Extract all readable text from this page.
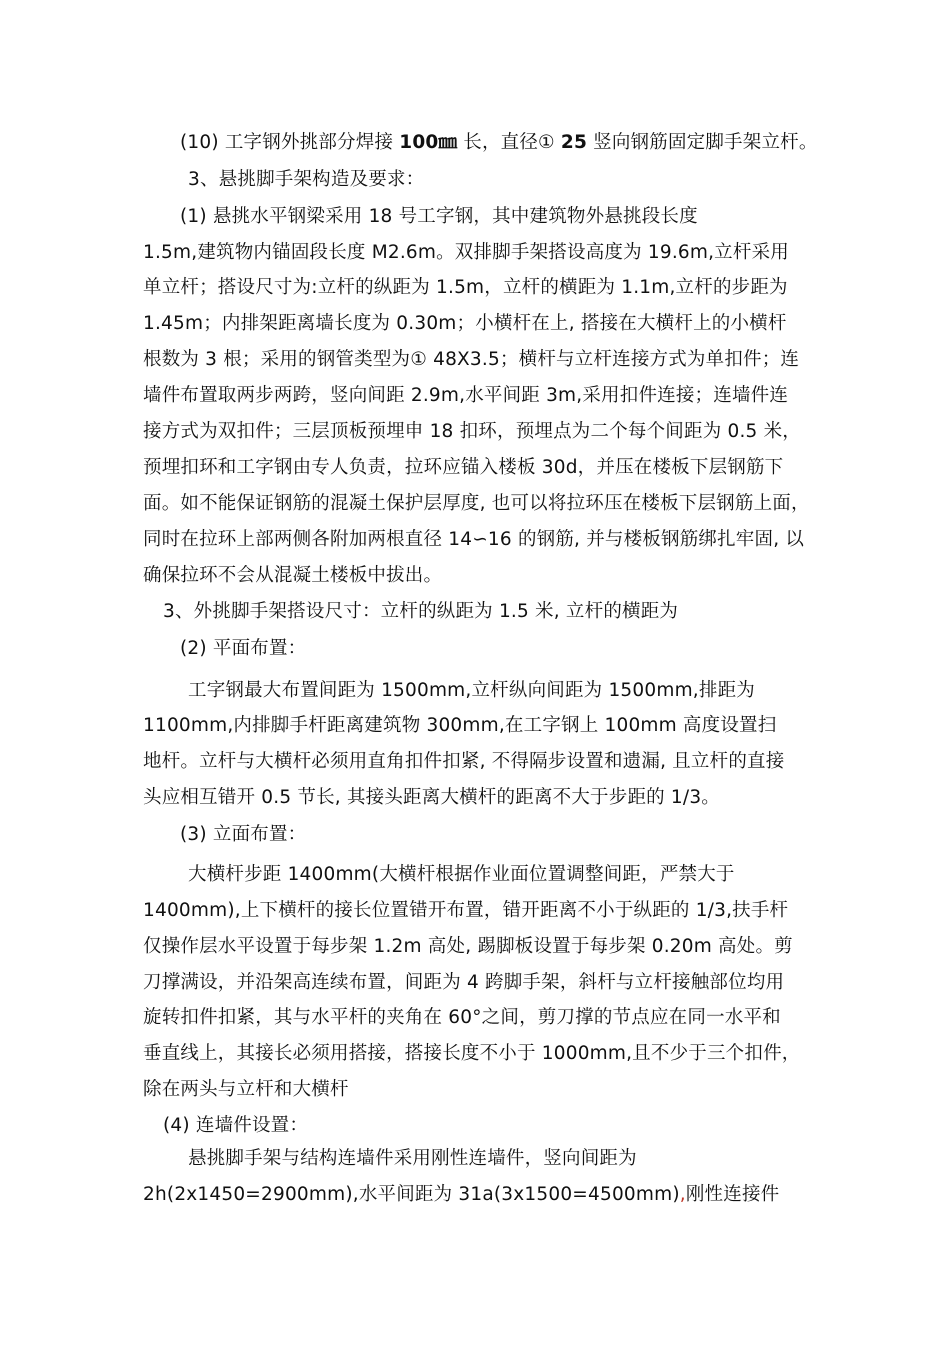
(10) 工字钢外挑部分焊接 100㎜ 长，直径① 25 竖向钢筋固定脚手架立杆。
3、悬挑脚手架构造及要求：
(1) 悬挑水平钢梁采用 18 号工字钢，其中建筑物外悬挑段长度
1.5m,建筑物内锚固段长度 M2.6m。双排脚手架搭设高度为 19.6m,立杆采用
单立杆；搭设尺寸为:立杆的纵距为 1.5m，立杆的横距为 1.1m,立杆的步距为
1.45m；内排架距离墙长度为 0.30m；小横杆在上, 搭接在大横杆上的小横杆
根数为 3 根；采用的钢管类型为① 48X3.5；横杆与立杆连接方式为单扣件；连
墙件布置取两步两跨，竖向间距 2.9m,水平间距 3m,采用扣件连接；连墙件连
接方式为双扣件；三层顶板预埋申 18 扣环，预埋点为二个每个间距为 0.5 米，
预埋扣环和工字钢由专人负责，拉环应锚入楼板 30d，并压在楼板下层钢筋下
面。如不能保证钢筋的混凝土保护层厚度, 也可以将拉环压在楼板下层钢筋上面，
同时在拉环上部两侧各附加两根直径 14∽16 的钢筋, 并与楼板钢筋绑扎牢固, 以
确保拉环不会从混凝土楼板中拔出。
3、外挑脚手架搭设尺寸：立杆的纵距为 1.5 米, 立杆的横距为
(2) 平面布置：
工字钢最大布置间距为 1500mm,立杆纵向间距为 1500mm,排距为
1100mm,内排脚手杆距离建筑物 300mm,在工字钢上 100mm 高度设置扫
地杆。立杆与大横杆必须用直角扣件扣紧, 不得隔步设置和遗漏, 且立杆的直接
头应相互错开 0.5 节长, 其接头距离大横杆的距离不大于步距的 1/3。
(3) 立面布置：
大横杆步距 1400mm(大横杆根据作业面位置调整间距，严禁大于
1400mm),上下横杆的接长位置错开布置，错开距离不小于纵距的 1/3,扶手杆
仅操作层水平设置于每步架 1.2m 高处, 踢脚板设置于每步架 0.20m 高处。剪
刀撑满设，并沿架高连续布置，间距为 4 跨脚手架，斜杆与立杆接触部位均用
旋转扣件扣紧，其与水平杆的夹角在 60°之间，剪刀撑的节点应在同一水平和
垂直线上，其接长必须用搭接，搭接长度不小于 1000mm,且不少于三个扣件，
除在两头与立杆和大横杆
(4) 连墙件设置：
悬挑脚手架与结构连墙件采用刚性连墙件，竖向间距为
2h(2x1450=2900mm),水平间距为 31a(3x1500=4500mm),刚性连接件
